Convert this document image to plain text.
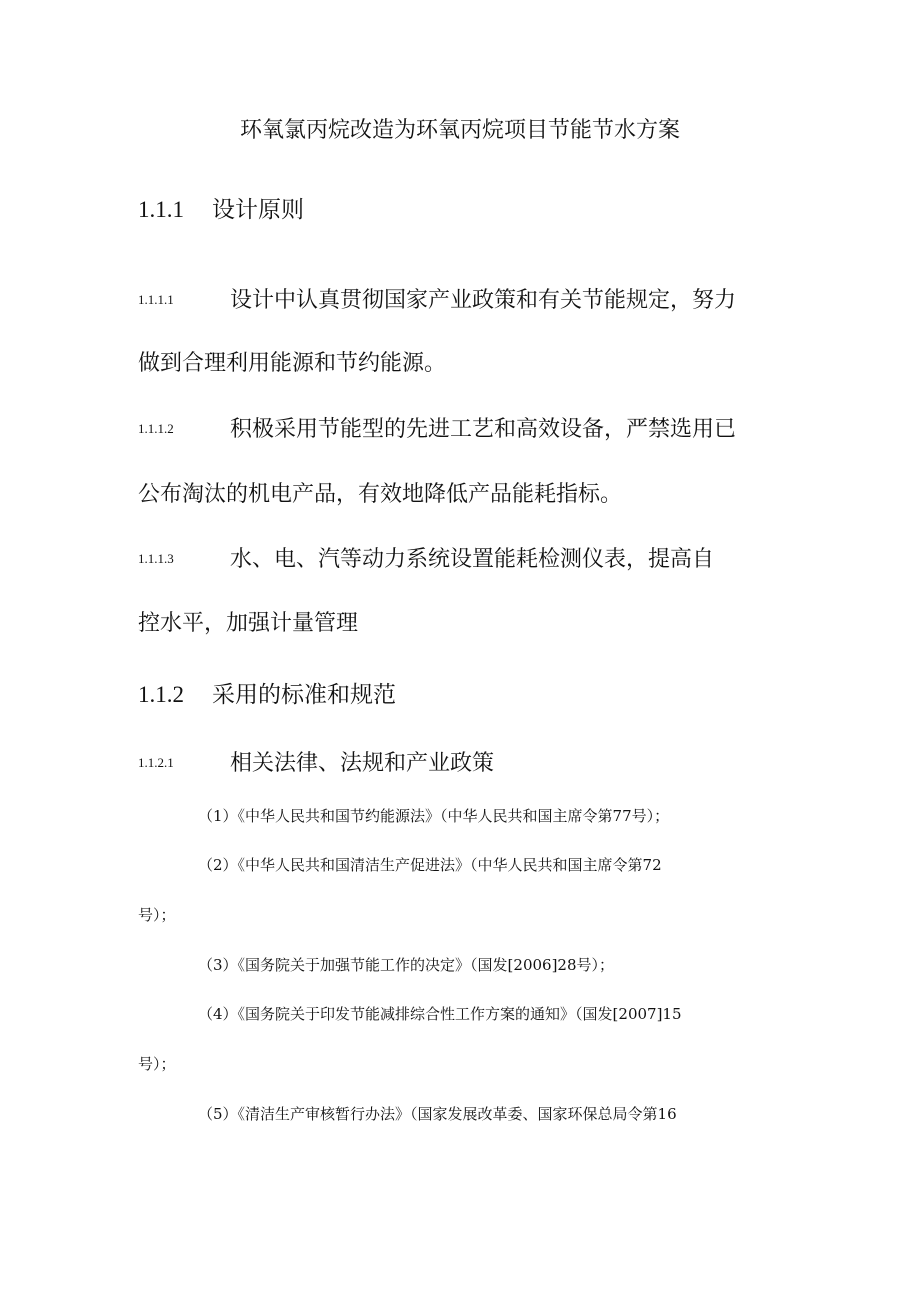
环氧氯丙烷改造为环氧丙烷项目节能节水方案
1.1.1 设计原则
1.1.1.1	设计中认真贯彻国家产业政策和有关节能规定，努力
做到合理利用能源和节约能源。
1.1.1.2	积极采用节能型的先进工艺和高效设备，严禁选用已
公布淘汰的机电产品，有效地降低产品能耗指标。
1.1.1.3	水、电、汽等动力系统设置能耗检测仪表，提高自
控水平，加强计量管理
1.1.2 采用的标准和规范
1.1.2.1	相关法律、法规和产业政策
（1）《中华人民共和国节约能源法》（中华人民共和国主席令第77号）；
（2）《中华人民共和国清洁生产促进法》（中华人民共和国主席令第72
号）；
（3）《国务院关于加强节能工作的决定》（国发[2006]28号）；
（4）《国务院关于印发节能减排综合性工作方案的通知》（国发[2007]15
号）；
（5）《清洁生产审核暂行办法》（国家发展改革委、国家环保总局令第16
